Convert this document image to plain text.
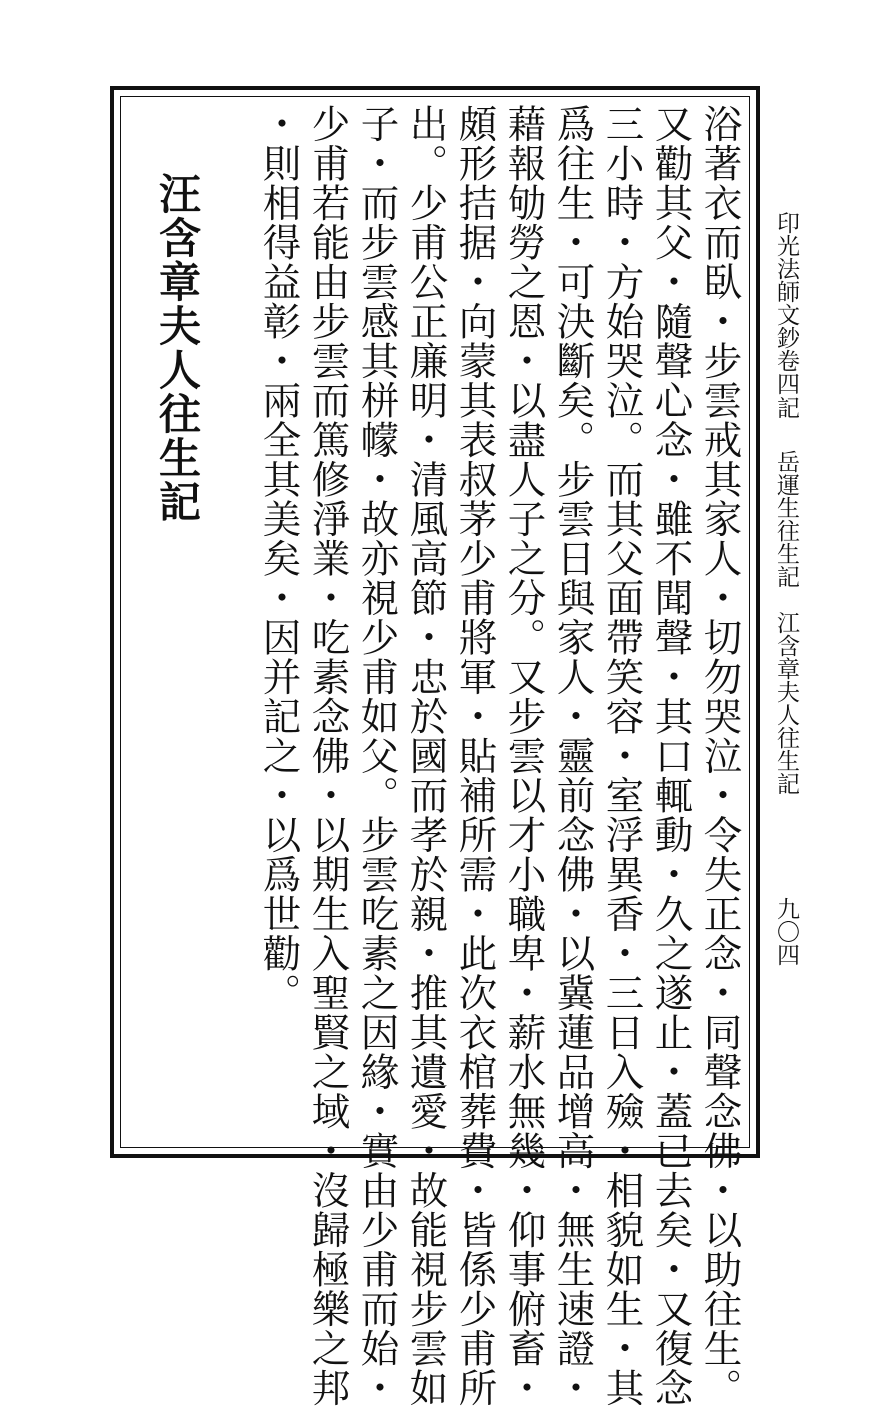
印光法師文鈔卷四
記
岳運生往生記　江含章夫人往生記
九〇四
浴著衣而臥・步雲戒其家人・切勿哭泣・令失正念・同聲念佛・以助往生。
又勸其父・隨聲心念・雖不聞聲・其口輒動・久之遂止・蓋已去矣・又復念
三小時・方始哭泣。而其父面帶笑容・室浮異香・三日入殮・相貌如生・其
爲往生・可決斷矣。步雲日與家人・靈前念佛・以冀蓮品增高・無生速證・
藉報劬勞之恩・以盡人子之分。又步雲以才小職卑・薪水無幾・仰事俯畜・
頗形拮据・向蒙其表叔茅少甫將軍・貼補所需・此次衣棺葬費・皆係少甫所
出。少甫公正廉明・清風高節・忠於國而孝於親・推其遺愛・故能視步雲如
子・而步雲感其栟幪・故亦視少甫如父。步雲吃素之因緣・實由少甫而始・
少甫若能由步雲而篤修淨業・吃素念佛・以期生入聖賢之域・沒歸極樂之邦
・則相得益彰・兩全其美矣・因并記之・以爲世勸。
汪含章夫人往生記
